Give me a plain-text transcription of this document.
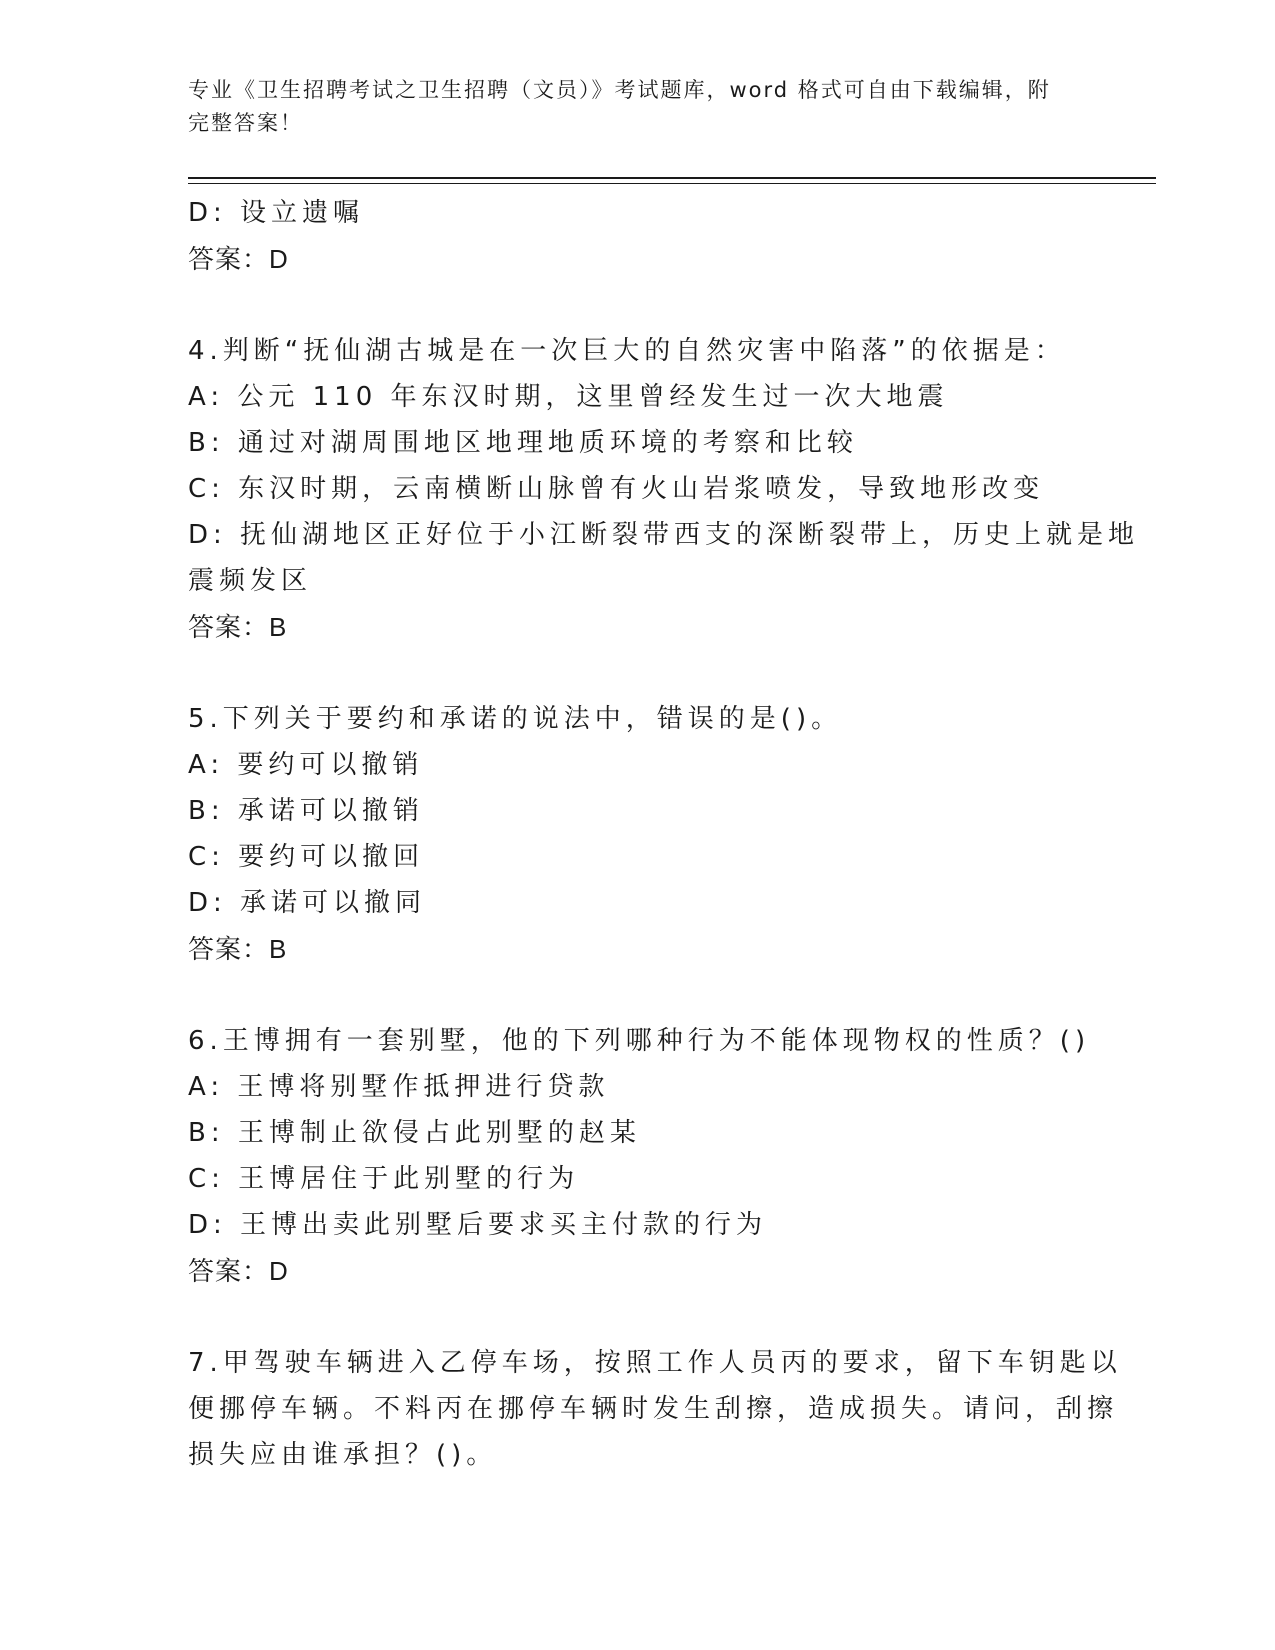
专业《卫生招聘考试之卫生招聘（文员）》考试题库，word 格式可自由下载编辑，附完整答案！
D: 设立遗嘱
答案：D
4.判断“抚仙湖古城是在一次巨大的自然灾害中陷落”的依据是：
A: 公元 110 年东汉时期，这里曾经发生过一次大地震
B: 通过对湖周围地区地理地质环境的考察和比较
C: 东汉时期，云南横断山脉曾有火山岩浆喷发，导致地形改变
D: 抚仙湖地区正好位于小江断裂带西支的深断裂带上，历史上就是地
震频发区
答案：B
5.下列关于要约和承诺的说法中，错误的是()。
A: 要约可以撤销
B: 承诺可以撤销
C: 要约可以撤回
D: 承诺可以撤同
答案：B
6.王博拥有一套别墅，他的下列哪种行为不能体现物权的性质？()
A: 王博将别墅作抵押进行贷款
B: 王博制止欲侵占此别墅的赵某
C: 王博居住于此别墅的行为
D: 王博出卖此别墅后要求买主付款的行为
答案：D
7.甲驾驶车辆进入乙停车场，按照工作人员丙的要求，留下车钥匙以
便挪停车辆。不料丙在挪停车辆时发生刮擦，造成损失。请问，刮擦
损失应由谁承担？()。
